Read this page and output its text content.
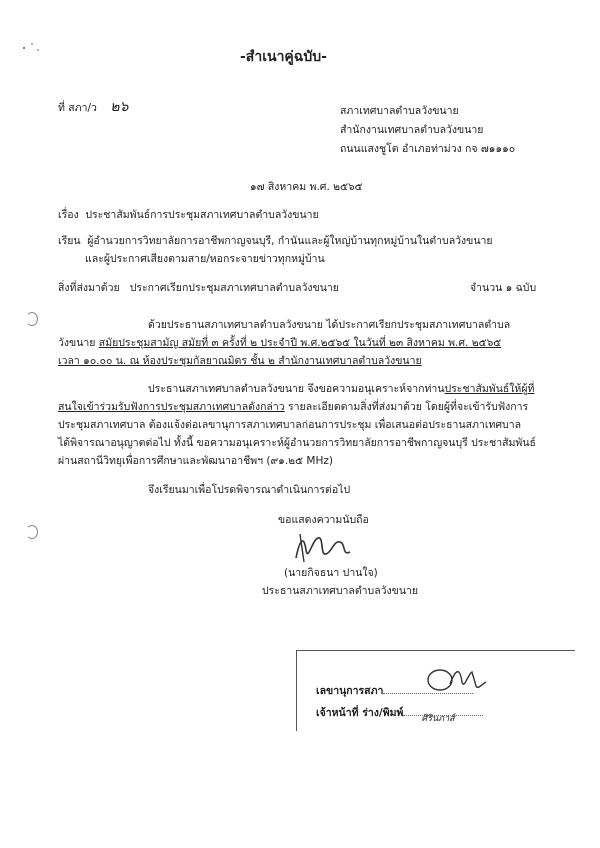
-สำเนาคู่ฉบับ-
ที่ สภา/ว ๒๖	สภาเทศบาลตำบลวังขนาย
สำนักงานเทศบาลตำบลวังขนาย
ถนนแสงชูโต อำเภอท่าม่วง กจ ๗๑๑๑๐
๑๗ สิงหาคม พ.ศ. ๒๕๖๕
เรื่อง ประชาสัมพันธ์การประชุมสภาเทศบาลตำบลวังขนาย
เรียน ผู้อำนวยการวิทยาลัยการอาชีพกาญจนบุรี, กำนันและผู้ใหญ่บ้านทุกหมู่บ้านในตำบลวังขนาย
และผู้ประกาศเสียงตามสาย/หอกระจายข่าวทุกหมู่บ้าน
สิ่งที่ส่งมาด้วย ประกาศเรียกประชุมสภาเทศบาลตำบลวังขนาย	จำนวน ๑ ฉบับ
ด้วยประธานสภาเทศบาลตำบลวังขนาย ได้ประกาศเรียกประชุมสภาเทศบาลตำบล
วังขนาย สมัยประชุมสามัญ สมัยที่ ๓ ครั้งที่ ๒ ประจำปี พ.ศ.๒๕๖๕ ในวันที่ ๒๓ สิงหาคม พ.ศ. ๒๕๖๕
เวลา ๑๐.๐๐ น. ณ ห้องประชุมกัลยาณมิตร ชั้น ๒ สำนักงานเทศบาลตำบลวังขนาย
ประธานสภาเทศบาลตำบลวังขนาย จึงขอความอนุเคราะห์จากท่านประชาสัมพันธ์ให้ผู้ที่
สนใจเข้าร่วมรับฟังการประชุมสภาเทศบาลดังกล่าว รายละเอียดตามสิ่งที่ส่งมาด้วย โดยผู้ที่จะเข้ารับฟังการ
ประชุมสภาเทศบาล ต้องแจ้งต่อเลขานุการสภาเทศบาลก่อนการประชุม เพื่อเสนอต่อประธานสภาเทศบาล
ได้พิจารณาอนุญาตต่อไป ทั้งนี้ ขอความอนุเคราะห์ผู้อำนวยการวิทยาลัยการอาชีพกาญจนบุรี ประชาสัมพันธ์
ผ่านสถานีวิทยุเพื่อการศึกษาและพัฒนาอาชีพฯ (๙๑.๒๕ MHz)
จึงเรียนมาเพื่อโปรดพิจารณาดำเนินการต่อไป
ขอแสดงความนับถือ
(นายกิจธนา ปานใจ)
ประธานสภาเทศบาลตำบลวังขนาย
เลขานุการสภา
เจ้าหน้าที่ ร่าง/พิมพ์ ศิรินภาส์
